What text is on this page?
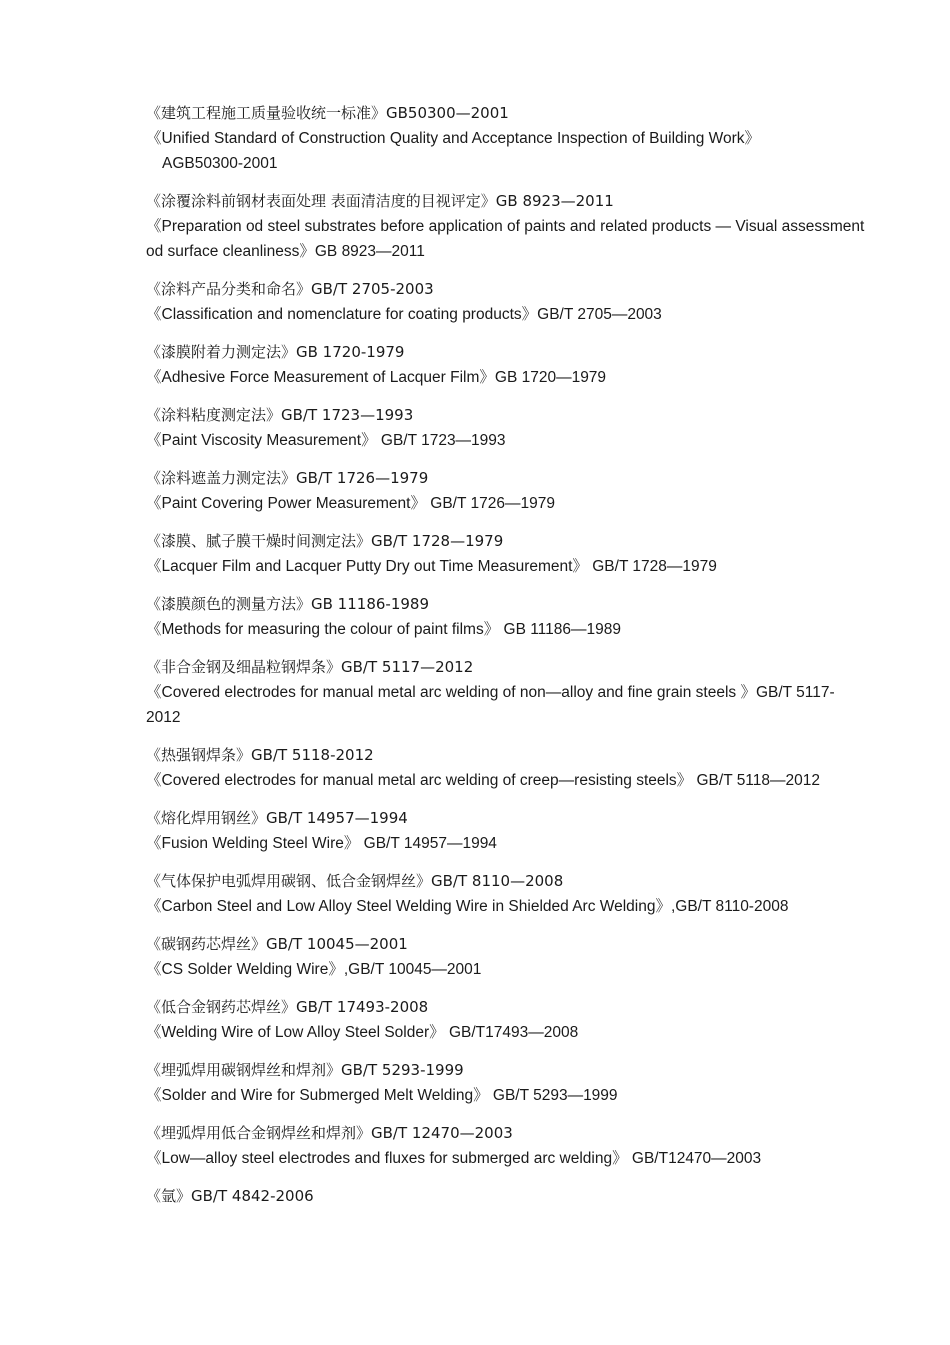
《建筑工程施工质量验收统一标准》GB50300—2001
《Unified Standard of Construction Quality and Acceptance Inspection of Building Work》
AGB50300-2001
《涂覆涂料前钢材表面处理 表面清洁度的目视评定》GB 8923—2011
《Preparation od steel substrates before application of paints and related products — Visual assessment od surface cleanliness》GB 8923—2011
《涂料产品分类和命名》GB/T 2705-2003
《Classification and nomenclature for coating products》GB/T 2705—2003
《漆膜附着力测定法》GB 1720-1979
《Adhesive Force Measurement of Lacquer Film》GB 1720—1979
《涂料粘度测定法》GB/T 1723—1993
《Paint Viscosity Measurement》 GB/T 1723—1993
《涂料遮盖力测定法》GB/T 1726—1979
《Paint Covering Power Measurement》 GB/T 1726—1979
《漆膜、腻子膜干燥时间测定法》GB/T 1728—1979
《Lacquer Film and Lacquer Putty Dry out Time Measurement》 GB/T 1728—1979
《漆膜颜色的测量方法》GB 11186-1989
《Methods for measuring the colour of paint films》 GB 11186—1989
《非合金钢及细晶粒钢焊条》GB/T 5117—2012
《Covered electrodes for manual metal arc welding of non—alloy and fine grain steels 》GB/T 5117-2012
《热强钢焊条》GB/T 5118-2012
《Covered electrodes for manual metal arc welding of creep—resisting steels》 GB/T 5118—2012
《熔化焊用钢丝》GB/T 14957—1994
《Fusion Welding Steel Wire》 GB/T 14957—1994
《气体保护电弧焊用碳钢、低合金钢焊丝》GB/T 8110—2008
《Carbon Steel and Low Alloy Steel Welding Wire in Shielded Arc Welding》,GB/T 8110-2008
《碳钢药芯焊丝》GB/T 10045—2001
《CS Solder Welding Wire》,GB/T 10045—2001
《低合金钢药芯焊丝》GB/T 17493-2008
《Welding Wire of Low Alloy Steel Solder》 GB/T17493—2008
《埋弧焊用碳钢焊丝和焊剂》GB/T 5293-1999
《Solder and Wire for Submerged Melt Welding》 GB/T 5293—1999
《埋弧焊用低合金钢焊丝和焊剂》GB/T 12470—2003
《Low—alloy steel electrodes and fluxes for submerged arc welding》 GB/T12470—2003
《氩》GB/T 4842-2006
